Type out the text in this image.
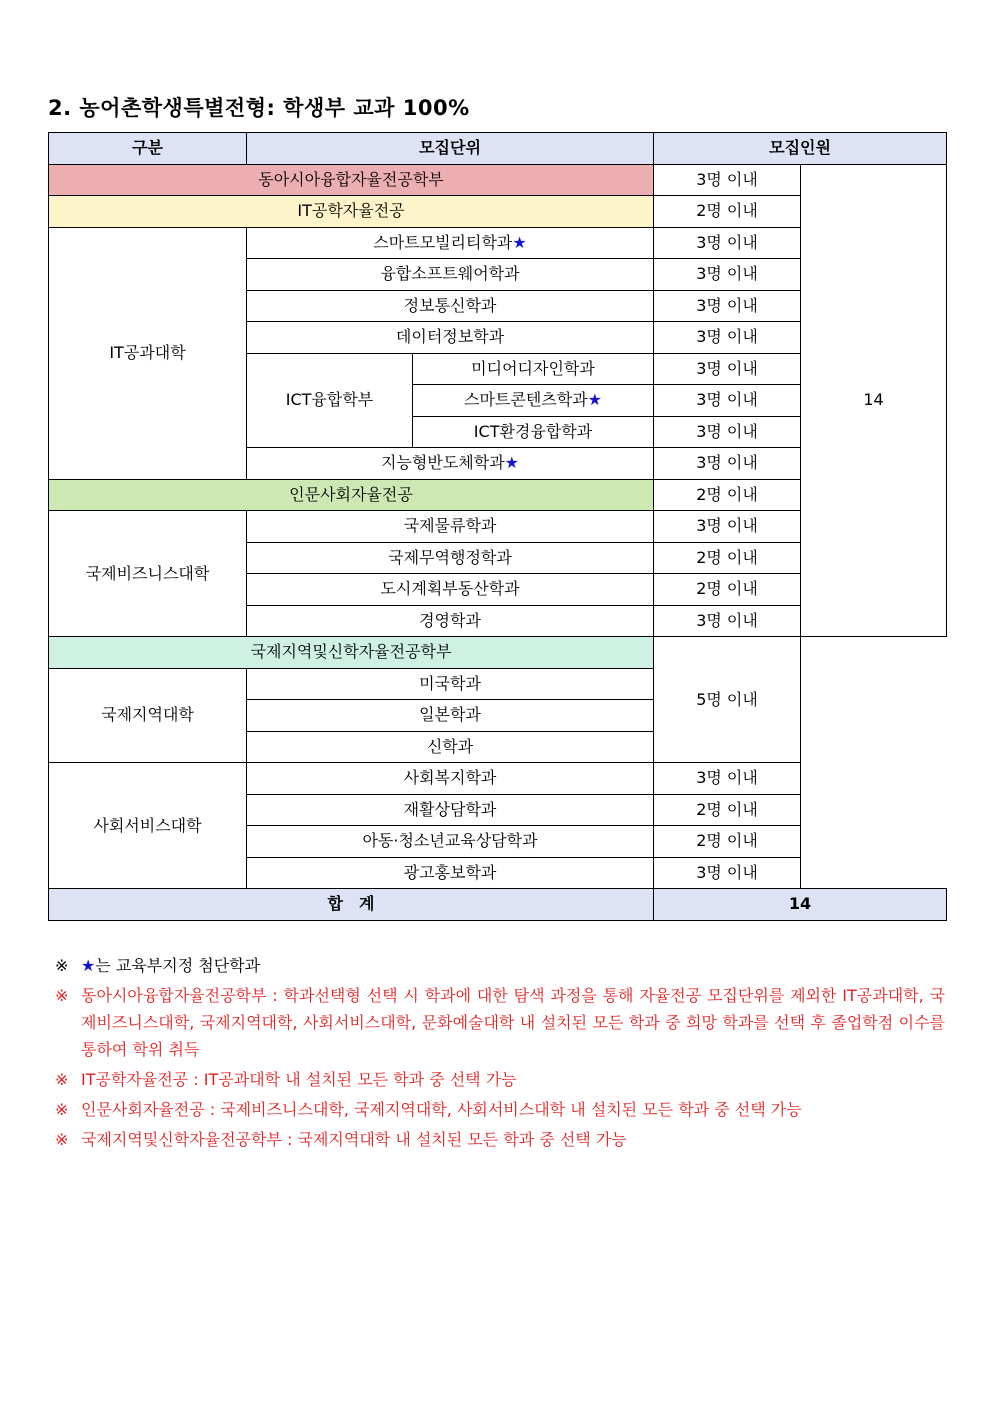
2. 농어촌학생특별전형: 학생부 교과 100%
구분	모집단위		모집인원	
동아시아융합자율전공학부			3명 이내	14
IT공학자율전공			2명 이내	
IT공과대학	스마트모빌리티학과★		3명 이내	
	융합소프트웨어학과		3명 이내	
	정보통신학과		3명 이내	
	데이터정보학과		3명 이내	
	ICT융합학부	미디어디자인학과	3명 이내	
		스마트콘텐츠학과★	3명 이내	
		ICT환경융합학과	3명 이내	
	지능형반도체학과★		3명 이내	
인문사회자율전공			2명 이내	
국제비즈니스대학	국제물류학과		3명 이내	
	국제무역행정학과		2명 이내	
	도시계획부동산학과		2명 이내	
	경영학과		3명 이내	
국제지역및신학자율전공학부			5명 이내	
국제지역대학	미국학과			
	일본학과			
	신학과			
사회서비스대학	사회복지학과		3명 이내	
	재활상담학과		2명 이내	
	아동·청소년교육상담학과		2명 이내	
	광고홍보학과		3명 이내	
합　계			14	
※ ★는 교육부지정 첨단학과
※ 동아시아융합자율전공학부 : 학과선택형 선택 시 학과에 대한 탐색 과정을 통해 자율전공 모집단위를 제외한 IT공과대학, 국제비즈니스대학, 국제지역대학, 사회서비스대학, 문화예술대학 내 설치된 모든 학과 중 희망 학과를 선택 후 졸업학점 이수를 통하여 학위 취득
※ IT공학자율전공 : IT공과대학 내 설치된 모든 학과 중 선택 가능
※ 인문사회자율전공 : 국제비즈니스대학, 국제지역대학, 사회서비스대학 내 설치된 모든 학과 중 선택 가능
※ 국제지역및신학자율전공학부 : 국제지역대학 내 설치된 모든 학과 중 선택 가능
